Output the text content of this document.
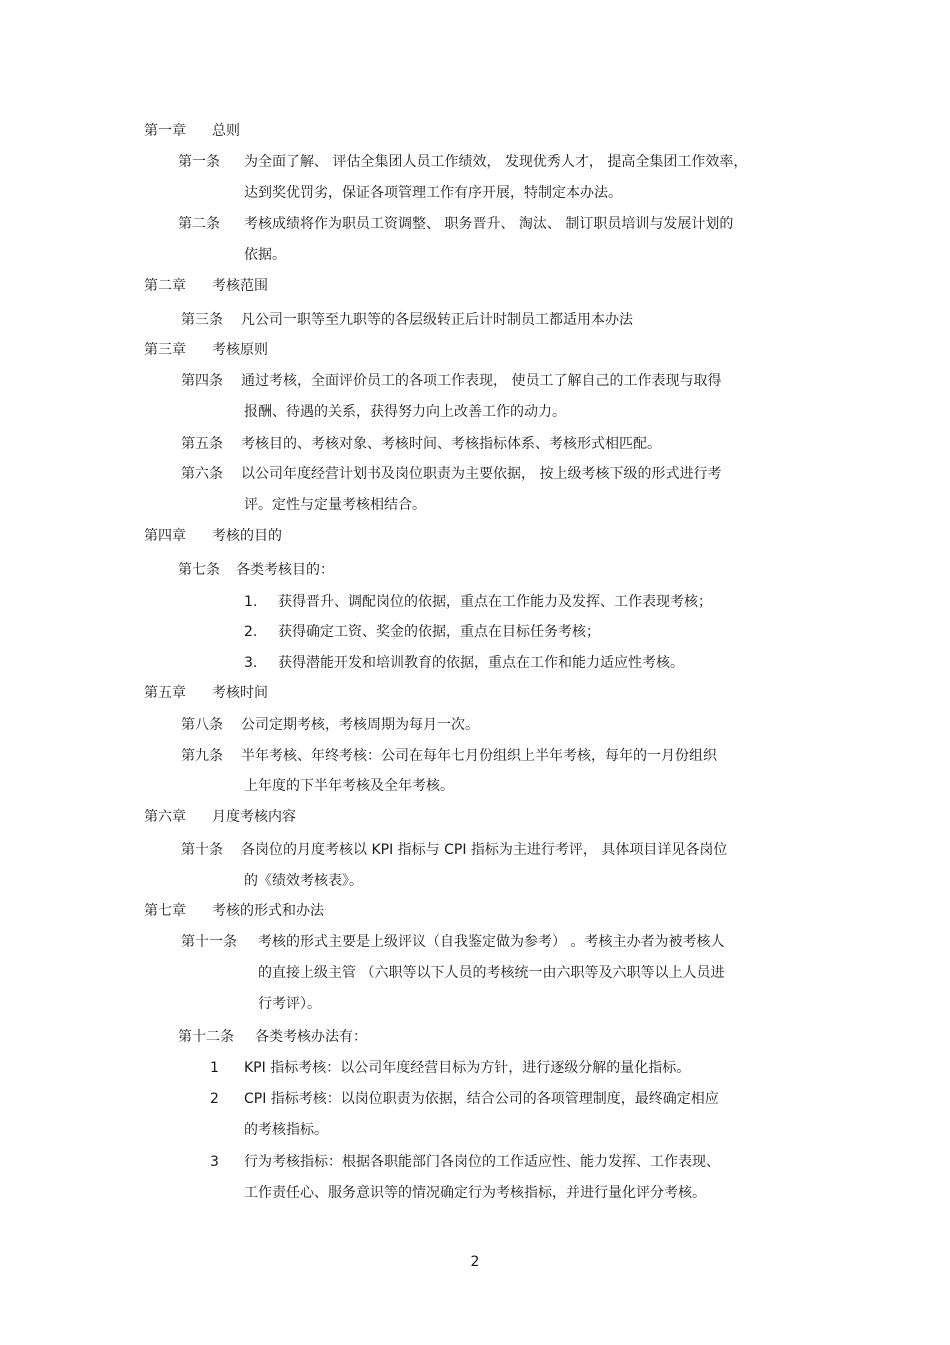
第一章 总则
第一条 为全面了解、 评估全集团人员工作绩效， 发现优秀人才， 提高全集团工作效率，
达到奖优罚劣，保证各项管理工作有序开展，特制定本办法。
第二条 考核成绩将作为职员工资调整、 职务晋升、 淘汰、 制订职员培训与发展计划的
依据。
第二章 考核范围
第三条 凡公司一职等至九职等的各层级转正后计时制员工都适用本办法
第三章 考核原则
第四条 通过考核，全面评价员工的各项工作表现， 使员工了解自己的工作表现与取得
报酬、待遇的关系，获得努力向上改善工作的动力。
第五条 考核目的、考核对象、考核时间、考核指标体系、考核形式相匹配。
第六条 以公司年度经营计划书及岗位职责为主要依据， 按上级考核下级的形式进行考
评。定性与定量考核相结合。
第四章 考核的目的
第七条 各类考核目的：
1. 获得晋升、调配岗位的依据，重点在工作能力及发挥、工作表现考核；
2. 获得确定工资、奖金的依据，重点在目标任务考核；
3. 获得潜能开发和培训教育的依据，重点在工作和能力适应性考核。
第五章 考核时间
第八条 公司定期考核，考核周期为每月一次。
第九条 半年考核、年终考核：公司在每年七月份组织上半年考核，每年的一月份组织
上年度的下半年考核及全年考核。
第六章 月度考核内容
第十条 各岗位的月度考核以 KPI 指标与 CPI 指标为主进行考评， 具体项目详见各岗位
的《绩效考核表》。
第七章 考核的形式和办法
第十一条 考核的形式主要是上级评议（自我鉴定做为参考） 。考核主办者为被考核人
的直接上级主管 （六职等以下人员的考核统一由六职等及六职等以上人员进
行考评）。
第十二条 各类考核办法有：
1 KPI 指标考核：以公司年度经营目标为方针，进行逐级分解的量化指标。
2 CPI 指标考核：以岗位职责为依据，结合公司的各项管理制度，最终确定相应
的考核指标。
3 行为考核指标：根据各职能部门各岗位的工作适应性、能力发挥、工作表现、
工作责任心、服务意识等的情况确定行为考核指标，并进行量化评分考核。
2
